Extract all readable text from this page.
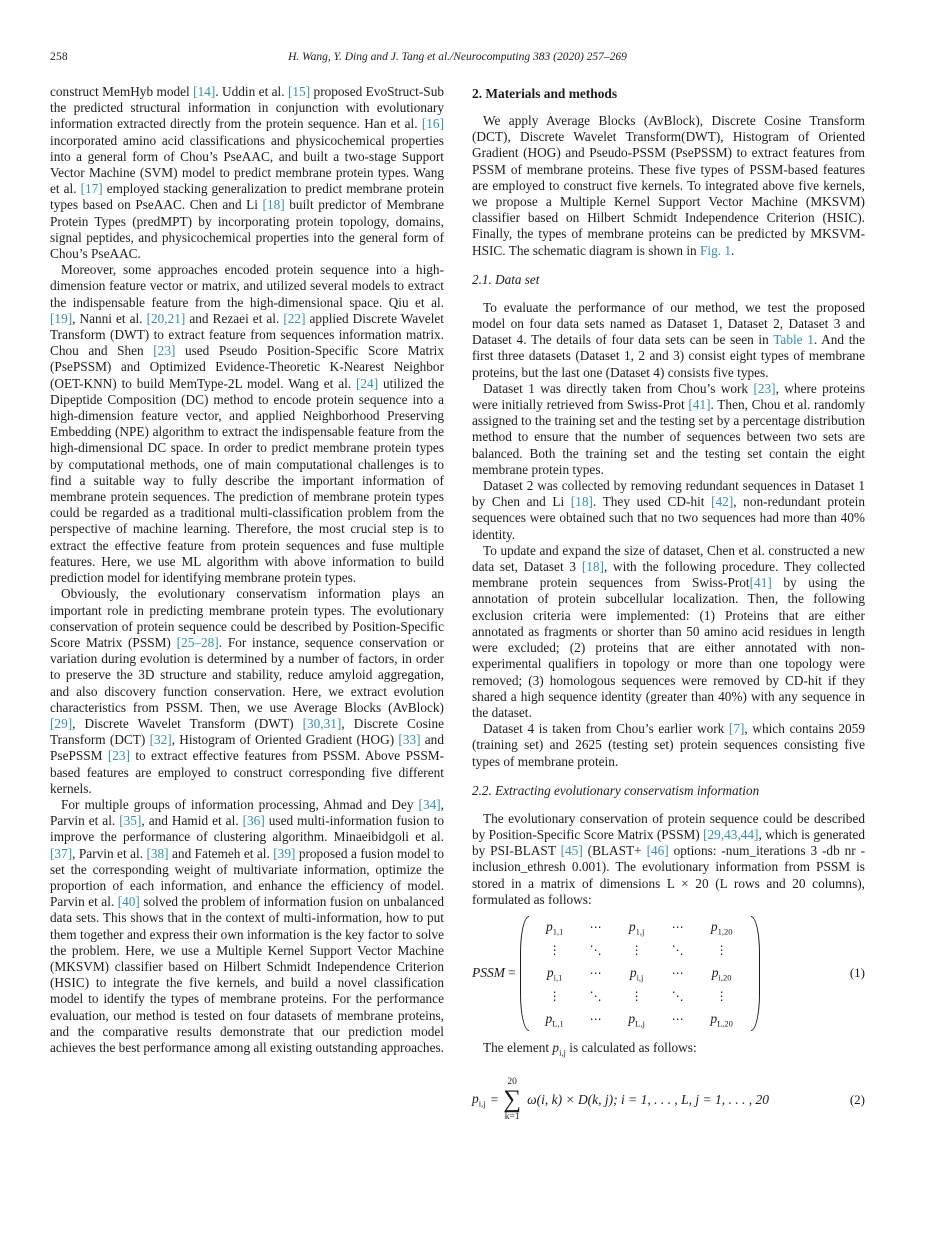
258	H. Wang, Y. Ding and J. Tang et al./Neurocomputing 383 (2020) 257–269

construct MemHyb model [14]. Uddin et al. [15] proposed EvoStruct-Sub the predicted structural information in conjunction with evolutionary information extracted directly from the protein sequence. Han et al. [16] incorporated amino acid classifications and physicochemical properties into a general form of Chou’s PseAAC, and built a two-stage Support Vector Machine (SVM) model to predict membrane protein types. Wang et al. [17] employed stacking generalization to predict membrane protein types based on PseAAC. Chen and Li [18] built predictor of Membrane Protein Types (predMPT) by incorporating protein topology, domains, signal peptides, and physicochemical properties into the general form of Chou’s PseAAC.

Moreover, some approaches encoded protein sequence into a high-dimension feature vector or matrix, and utilized several models to extract the indispensable feature from the high-dimensional space. Qiu et al. [19], Nanni et al. [20,21] and Rezaei et al. [22] applied Discrete Wavelet Transform (DWT) to extract feature from sequences information matrix. Chou and Shen [23] used Pseudo Position-Specific Score Matrix (PsePSSM) and Optimized Evidence-Theoretic K-Nearest Neighbor (OET-KNN) to build MemType-2L model. Wang et al. [24] utilized the Dipeptide Composition (DC) method to encode protein sequence into a high-dimension feature vector, and applied Neighborhood Preserving Embedding (NPE) algorithm to extract the indispensable feature from the high-dimensional DC space. In order to predict membrane protein types by computational methods, one of main computational challenges is to find a suitable way to fully describe the important information of membrane protein sequences. The prediction of membrane protein types could be regarded as a traditional multi-classification problem from the perspective of machine learning. Therefore, the most crucial step is to extract the effective feature from protein sequences and fuse multiple features. Here, we use ML algorithm with above information to build prediction model for identifying membrane protein types.

Obviously, the evolutionary conservatism information plays an important role in predicting membrane protein types. The evolutionary conservation of protein sequence could be described by Position-Specific Score Matrix (PSSM) [25–28]. For instance, sequence conservation or variation during evolution is determined by a number of factors, in order to preserve the 3D structure and stability, reduce amyloid aggregation, and also discovery function conservation. Here, we extract evolution characteristics from PSSM. Then, we use Average Blocks (AvBlock) [29], Discrete Wavelet Transform (DWT) [30,31], Discrete Cosine Transform (DCT) [32], Histogram of Oriented Gradient (HOG) [33] and PsePSSM [23] to extract effective features from PSSM. Above PSSM-based features are employed to construct corresponding five different kernels.

For multiple groups of information processing, Ahmad and Dey [34], Parvin et al. [35], and Hamid et al. [36] used multi-information fusion to improve the performance of clustering algorithm. Minaeibidgoli et al. [37], Parvin et al. [38] and Fatemeh et al. [39] proposed a fusion model to set the corresponding weight of multivariate information, optimize the proportion of each information, and enhance the efficiency of model. Parvin et al. [40] solved the problem of information fusion on unbalanced data sets. This shows that in the context of multi-information, how to put them together and express their own information is the key factor to solve the problem. Here, we use a Multiple Kernel Support Vector Machine (MKSVM) classifier based on Hilbert Schmidt Independence Criterion (HSIC) to integrate the five kernels, and build a novel classification model to identify the types of membrane proteins. For the performance evaluation, our method is tested on four datasets of membrane proteins, and the comparative results demonstrate that our prediction model achieves the best performance among all existing outstanding approaches.

2. Materials and methods

We apply Average Blocks (AvBlock), Discrete Cosine Transform (DCT), Discrete Wavelet Transform(DWT), Histogram of Oriented Gradient (HOG) and Pseudo-PSSM (PsePSSM) to extract features from PSSM of membrane proteins. These five types of PSSM-based features are employed to construct five kernels. To integrated above five kernels, we propose a Multiple Kernel Support Vector Machine (MKSVM) classifier based on Hilbert Schmidt Independence Criterion (HSIC). Finally, the types of membrane proteins can be predicted by MKSVM-HSIC. The schematic diagram is shown in Fig. 1.

2.1. Data set

To evaluate the performance of our method, we test the proposed model on four data sets named as Dataset 1, Dataset 2, Dataset 3 and Dataset 4. The details of four data sets can be seen in Table 1. And the first three datasets (Dataset 1, 2 and 3) consist eight types of membrane proteins, but the last one (Dataset 4) consists five types.

Dataset 1 was directly taken from Chou’s work [23], where proteins were initially retrieved from Swiss-Prot [41]. Then, Chou et al. randomly assigned to the training set and the testing set by a percentage distribution method to ensure that the number of sequences between two sets are balanced. Both the training set and the testing set contain the eight membrane protein types.

Dataset 2 was collected by removing redundant sequences in Dataset 1 by Chen and Li [18]. They used CD-hit [42], non-redundant protein sequences were obtained such that no two sequences had more than 40% identity.

To update and expand the size of dataset, Chen et al. constructed a new data set, Dataset 3 [18], with the following procedure. They collected membrane protein sequences from Swiss-Prot[41] by using the annotation of protein subcellular localization. Then, the following exclusion criteria were implemented: (1) Proteins that are either annotated as fragments or shorter than 50 amino acid residues in length were excluded; (2) proteins that are either annotated with non-experimental qualifiers in topology or more than one topology were removed; (3) homologous sequences were removed by CD-hit if they shared a high sequence identity (greater than 40%) with any sequence in the dataset.

Dataset 4 is taken from Chou’s earlier work [7], which contains 2059 (training set) and 2625 (testing set) protein sequences consisting five types of membrane protein.

2.2. Extracting evolutionary conservatism information

The evolutionary conservation of protein sequence could be described by Position-Specific Score Matrix (PSSM) [29,43,44], which is generated by PSI-BLAST [45] (BLAST+ [46] options: -num_iterations 3 -db nr -inclusion_ethresh 0.001). The evolutionary information from PSSM is stored in a matrix of dimensions L × 20 (L rows and 20 columns), formulated as follows:

PSSM =
$p_{1,1}$ ⋯ $p_{1,j}$ ⋯ $p_{1,20}$
⋮ ⋱ ⋮ ⋱	⋮
$p_{i,1}$ ⋯ $p_{i,j}$ ⋯ $p_{i,20}$
⋮ ⋱ ⋮ ⋱	⋮
$p_{L,1}$ ⋯ $p_{L,j}$ ⋯ $p_{L,20}$
(1)

The element $p_{i,j}$ is calculated as follows:

$p_{i,j}$ =
20
∑
k=1
ω(i, k) × D(k, j); i = 1, . . . , L, j = 1, . . . , 20	(2)
